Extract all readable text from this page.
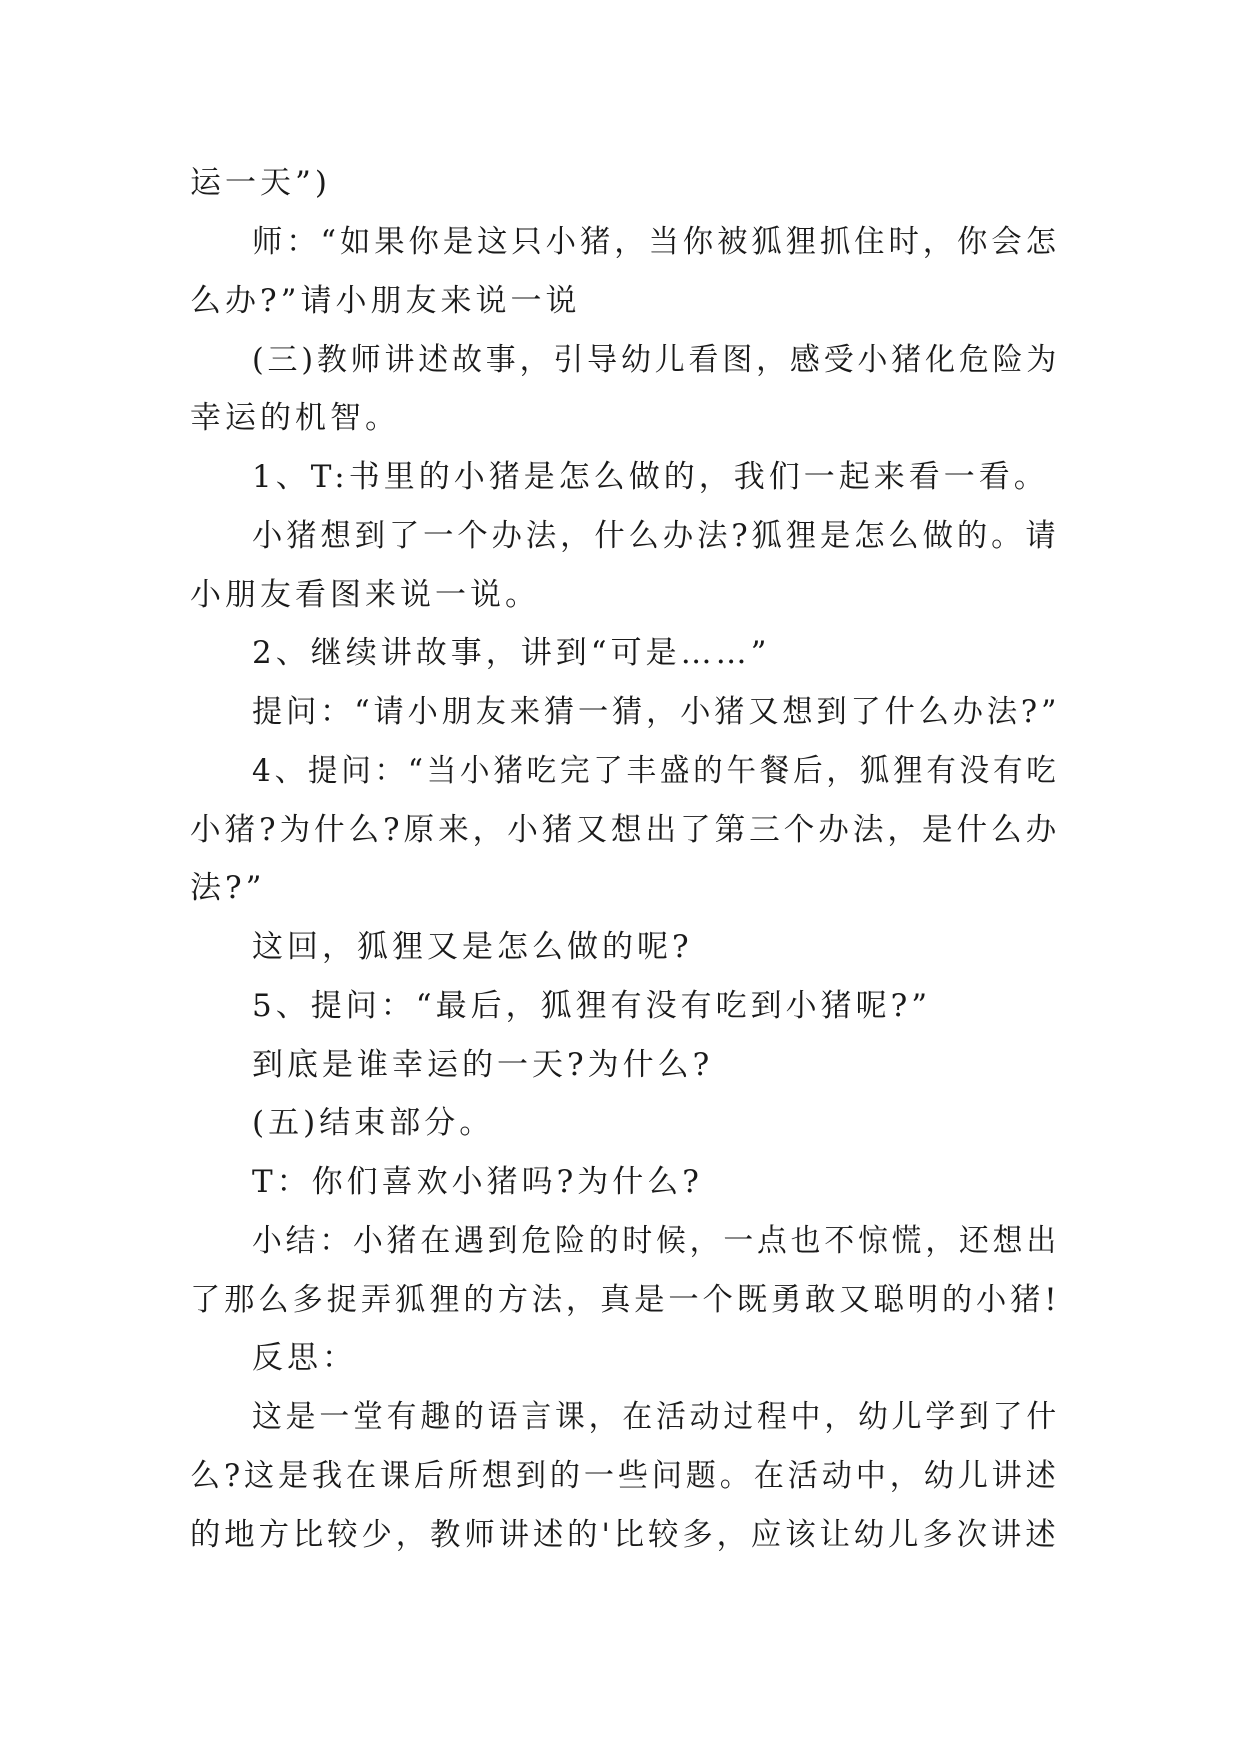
运一天”)
师：“如果你是这只小猪，当你被狐狸抓住时，你会怎
么办?”请小朋友来说一说
(三)教师讲述故事，引导幼儿看图，感受小猪化危险为
幸运的机智。
1、T:书里的小猪是怎么做的，我们一起来看一看。
小猪想到了一个办法，什么办法?狐狸是怎么做的。请
小朋友看图来说一说。
2、继续讲故事，讲到“可是……”
提问：“请小朋友来猜一猜，小猪又想到了什么办法?”
4、提问：“当小猪吃完了丰盛的午餐后，狐狸有没有吃
小猪?为什么?原来，小猪又想出了第三个办法，是什么办
法?”
这回，狐狸又是怎么做的呢?
5、提问：“最后，狐狸有没有吃到小猪呢?”
到底是谁幸运的一天?为什么?
(五)结束部分。
T：你们喜欢小猪吗?为什么?
小结：小猪在遇到危险的时候，一点也不惊慌，还想出
了那么多捉弄狐狸的方法，真是一个既勇敢又聪明的小猪!
反思：
这是一堂有趣的语言课，在活动过程中，幼儿学到了什
么?这是我在课后所想到的一些问题。在活动中，幼儿讲述
的地方比较少，教师讲述的'比较多，应该让幼儿多次讲述
